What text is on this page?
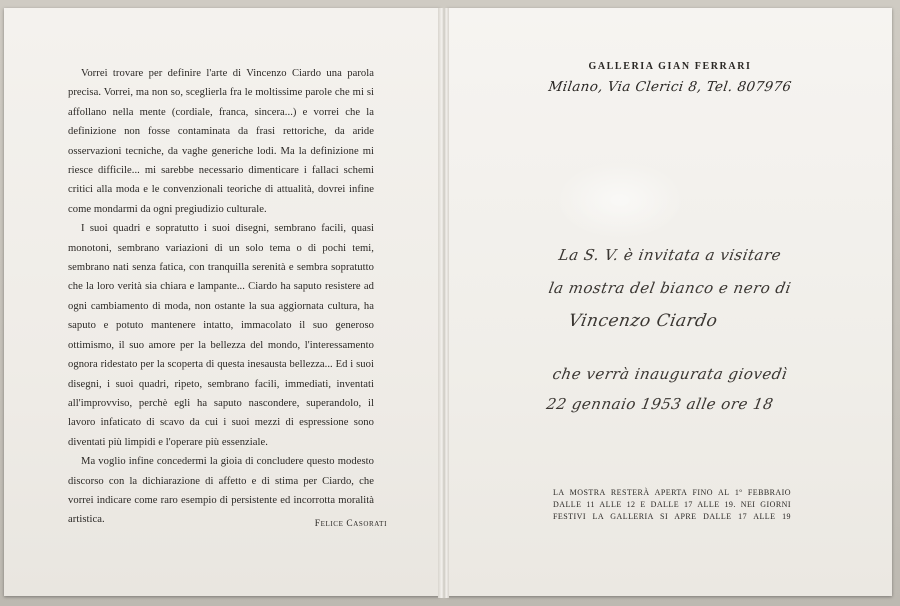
Vorrei trovare per definire l'arte di Vincenzo Ciardo una parola precisa. Vorrei, ma non so, sceglierla fra le moltissime parole che mi si affollano nella mente (cordiale, franca, sincera...) e vorrei che la definizione non fosse contaminata da frasi rettoriche, da aride osservazioni tecniche, da vaghe generiche lodi. Ma la definizione mi riesce difficile... mi sarebbe necessario dimenticare i fallaci schemi critici alla moda e le convenzionali teoriche di attualità, dovrei infine come mondarmi da ogni pregiudizio culturale.

I suoi quadri e sopratutto i suoi disegni, sembrano facili, quasi monotoni, sembrano variazioni di un solo tema o di pochi temi, sembrano nati senza fatica, con tranquilla serenità e sembra sopratutto che la loro verità sia chiara e lampante... Ciardo ha saputo resistere ad ogni cambiamento di moda, non ostante la sua aggiornata cultura, ha saputo e potuto mantenere intatto, immacolato il suo generoso ottimismo, il suo amore per la bellezza del mondo, l'interessamento ognora ridestato per la scoperta di questa inesausta bellezza... Ed i suoi disegni, i suoi quadri, ripeto, sembrano facili, immediati, inventati all'improvviso, perchè egli ha saputo nascondere, superandolo, il lavoro infaticato di scavo da cui i suoi mezzi di espressione sono diventati più limpidi e l'operare più essenziale.

Ma voglio infine concedermi la gioia di concludere questo modesto discorso con la dichiarazione di affetto e di stima per Ciardo, che vorrei indicare come raro esempio di persistente ed incorrotta moralità artistica.	Felice Casorati
GALLERIA GIAN FERRARI
Milano, Via Clerici 8, Tel. 807976
La S. V. è invitata a visitare
la mostra del bianco e nero di
Vincenzo Ciardo
che verrà inaugurata giovedì
22 gennaio 1953 alle ore 18
LA MOSTRA RESTERÀ APERTA FINO AL 1º FEBBRAIO
DALLE 11 ALLE 12 E DALLE 17 ALLE 19. NEI GIORNI
FESTIVI LA GALLERIA SI APRE DALLE 17 ALLE 19
